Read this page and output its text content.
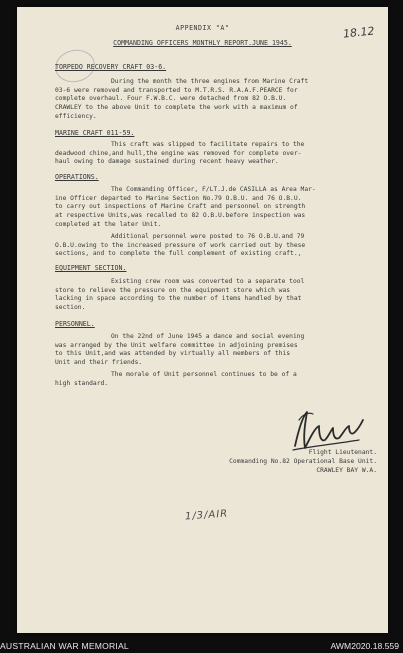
APPENDIX "A"	18.12
COMMANDING OFFICERS MONTHLY REPORT.JUNE 1945.
TORPEDO RECOVERY CRAFT 03-6.
During the month the three engines from Marine Craft
03-6 were removed and transported to M.T.R.S. R.A.A.F.PEARCE for
complete overhaul. Four F.W.B.C. were detached from 82 O.B.U.
CRAWLEY to the above Unit to complete the work with a maximum of
efficiency.
MARINE CRAFT 011-59.
This craft was slipped to facilitate repairs to the
deadwood chine,and hull,the engine was removed for complete over-
haul owing to damage sustained during recent heavy weather.
OPERATIONS.
The Commanding Officer, F/LT.J.de CASILLA as Area Mar-
ine Officer departed to Marine Section No.79 O.B.U. and 76 O.B.U.
to carry out inspections of Marine Craft and personnel on strength
at respective Units,was recalled to 82 O.B.U.before inspection was
completed at the later Unit.
Additional personnel were posted to 76 O.B.U.and 79
O.B.U.owing to the increased pressure of work carried out by these
sections, and to complete the full complement of existing craft.,
EQUIPMENT SECTION.
Existing crew room was converted to a separate tool
store to relieve the pressure on the equipment store which was
lacking in space according to the number of items handled by that
section.
PERSONNEL.
On the 22nd of June 1945 a dance and social evening
was arranged by the Unit welfare committee in adjoining premises
to this Unit,and was attended by virtually all members of this
Unit and their friends.
The morale of Unit personnel continues to be of a
high standard.
Flight Lieutenant.
Commanding No.82 Operational Base Unit.
CRAWLEY BAY W.A.
1/3/AIR
AUSTRALIAN WAR MEMORIAL	AWM2020.18.559
